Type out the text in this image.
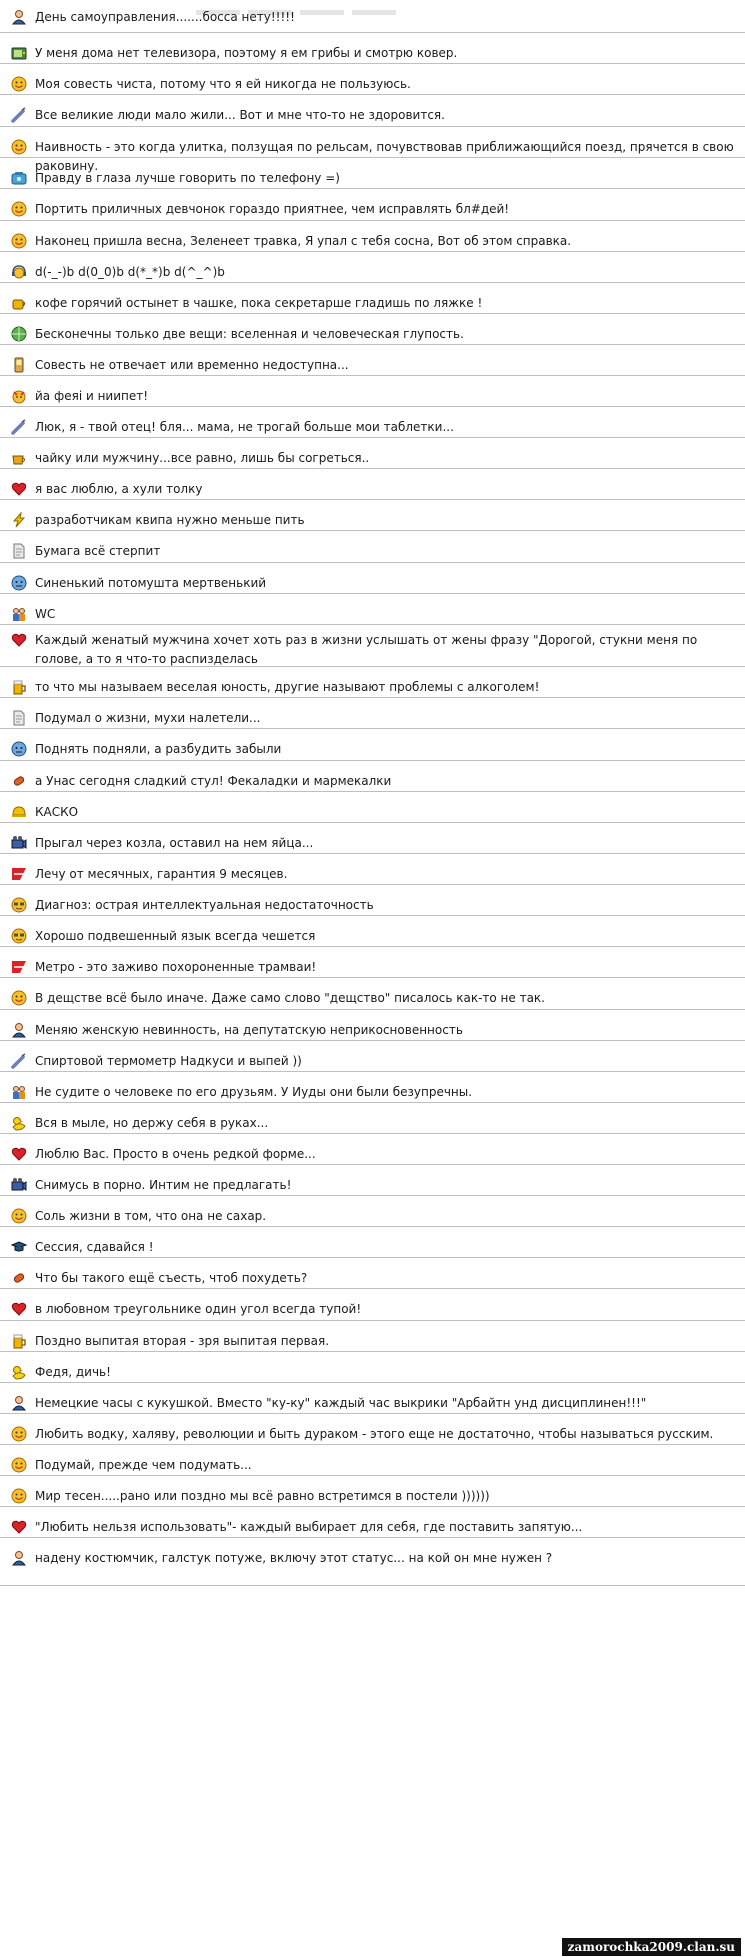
День самоуправления.......босса нету!!!!!
У меня дома нет телевизора, поэтому я ем грибы и смотрю ковер.
Моя совесть чиста, потому что я ей никогда не пользуюсь.
Все великие люди мало жили... Вот и мне что-то не здоровится.
Наивность - это когда улитка, ползущая по рельсам, почувствовав приближающийся поезд, прячется в свою раковину.
Правду в глаза лучше говорить по телефону =)
Портить приличных девчонок гораздо приятнее, чем исправлять бл#дей!
Наконец пришла весна, Зеленеет травка, Я упал с тебя сосна, Вот об этом справка.
d(-_-)b d(0_0)b d(*_*)b d(^_^)b
кофе горячий остынет в чашке, пока секретарше гладишь по ляжке !
Бесконечны только две вещи: вселенная и человеческая глупость.
Совесть не отвечает или временно недоступна...
йа феяі и ниипет!
Люк, я - твой отец! бля... мама, не трогай больше мои таблетки...
чайку или мужчину...все равно, лишь бы согреться..
я вас люблю, а хули толку
разработчикам квипа нужно меньше пить
Бумага всё стерпит
Синенький потомушта мертвенький
WC
Каждый женатый мужчина хочет хоть раз в жизни услышать от жены фразу "Дорогой, стукни меня по голове, а то я что-то распизделась
то что мы называем веселая юность, другие называют проблемы с алкоголем!
Подумал о жизни, мухи налетели...
Поднять подняли, а разбудить забыли
а Унас сегодня сладкий стул! Фекаладки и мармекалки
КАСКО
Прыгал через козла, оставил на нем яйца...
Лечу от месячных, гарантия 9 месяцев.
Диагноз: острая интеллектуальная недостаточность
Хорошо подвешенный язык всегда чешется
Метро - это заживо похороненные трамваи!
В дещстве всё было иначе. Даже само слово "дещство" писалось как-то не так.
Меняю женскую невинность, на депутатскую неприкосновенность
Спиртовой термометр Надкуси и выпей ))
Не судите о человеке по его друзьям. У Иуды они были безупречны.
Вся в мыле, но держу себя в руках...
Люблю Вас. Просто в очень редкой форме...
Снимусь в порно. Интим не предлагать!
Соль жизни в том, что она не сахар.
Сессия, сдавайся !
Что бы такого ещё съесть, чтоб похудеть?
в любовном треугольнике один угол всегда тупой!
Поздно выпитая вторая - зря выпитая первая.
Федя, дичь!
Немецкие часы с кукушкой. Вместо "ку-ку" каждый час выкрики "Арбайтн унд дисциплинен!!!"
Любить водку, халяву, революции и быть дураком - этого еще не достаточно, чтобы называться русским.
Подумай, прежде чем подумать...
Мир тесен.....рано или поздно мы всё равно встретимся в постели ))))))
"Любить нельзя использовать"- каждый выбирает для себя, где поставить запятую...
надену костюмчик, галстук потуже, включу этот статус... на кой он мне нужен ?
zamorochka2009.clan.su
